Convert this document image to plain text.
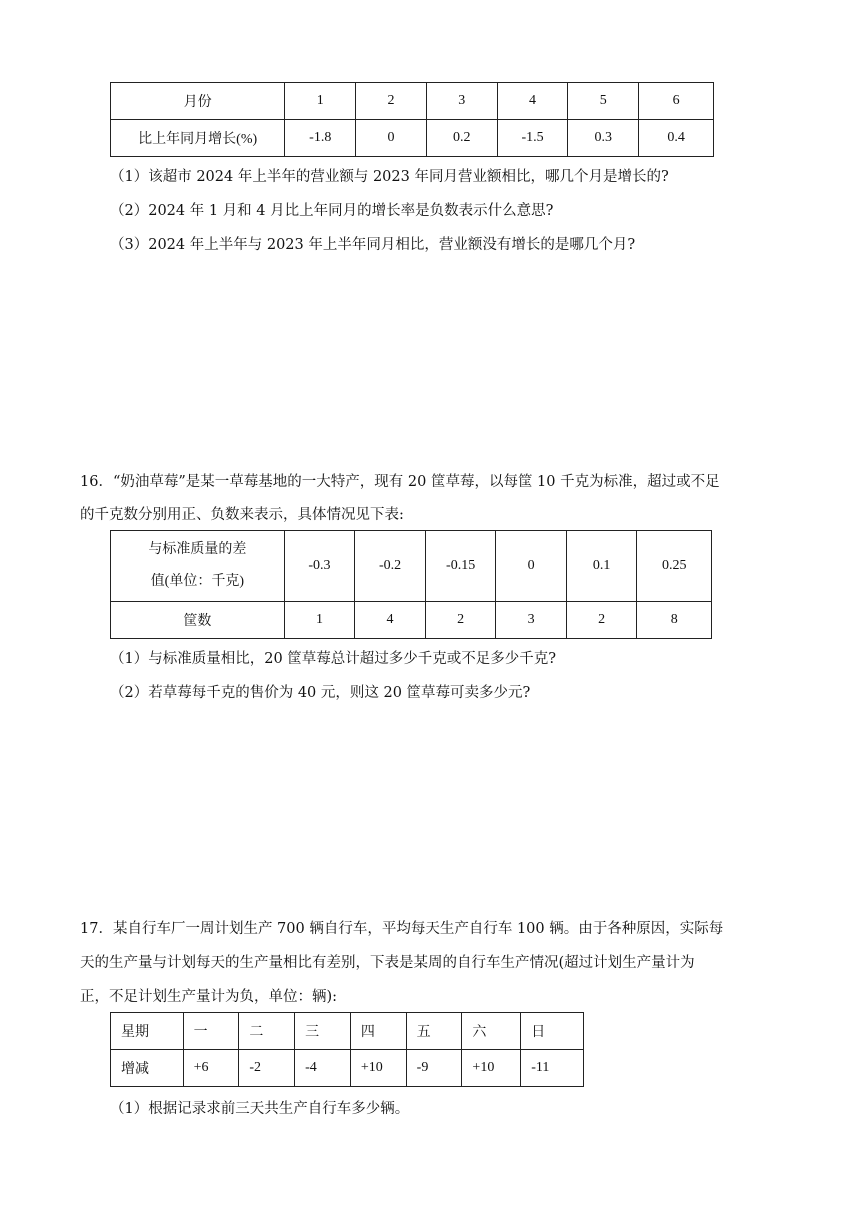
月份	1	2	3	4	5	6
比上年同月增长(%)	-1.8	0	0.2	-1.5	0.3	0.4
（1）该超市 2024 年上半年的营业额与 2023 年同月营业额相比，哪几个月是增长的?
（2）2024 年 1 月和 4 月比上年同月的增长率是负数表示什么意思?
（3）2024 年上半年与 2023 年上半年同月相比，营业额没有增长的是哪几个月?
16．“奶油草莓”是某一草莓基地的一大特产，现有 20 筐草莓，以每筐 10 千克为标准，超过或不足
的千克数分别用正、负数来表示，具体情况见下表:
与标准质量的差
值(单位：千克)	-0.3	-0.2	-0.15	0	0.1	0.25
筐数	1	4	2	3	2	8
（1）与标准质量相比，20 筐草莓总计超过多少千克或不足多少千克?
（2）若草莓每千克的售价为 40 元，则这 20 筐草莓可卖多少元?
17．某自行车厂一周计划生产 700 辆自行车，平均每天生产自行车 100 辆。由于各种原因，实际每
天的生产量与计划每天的生产量相比有差别，下表是某周的自行车生产情况(超过计划生产量计为
正，不足计划生产量计为负，单位：辆):
星期	一	二	三	四	五	六	日
增减	+6	-2	-4	+10	-9	+10	-11
（1）根据记录求前三天共生产自行车多少辆。
